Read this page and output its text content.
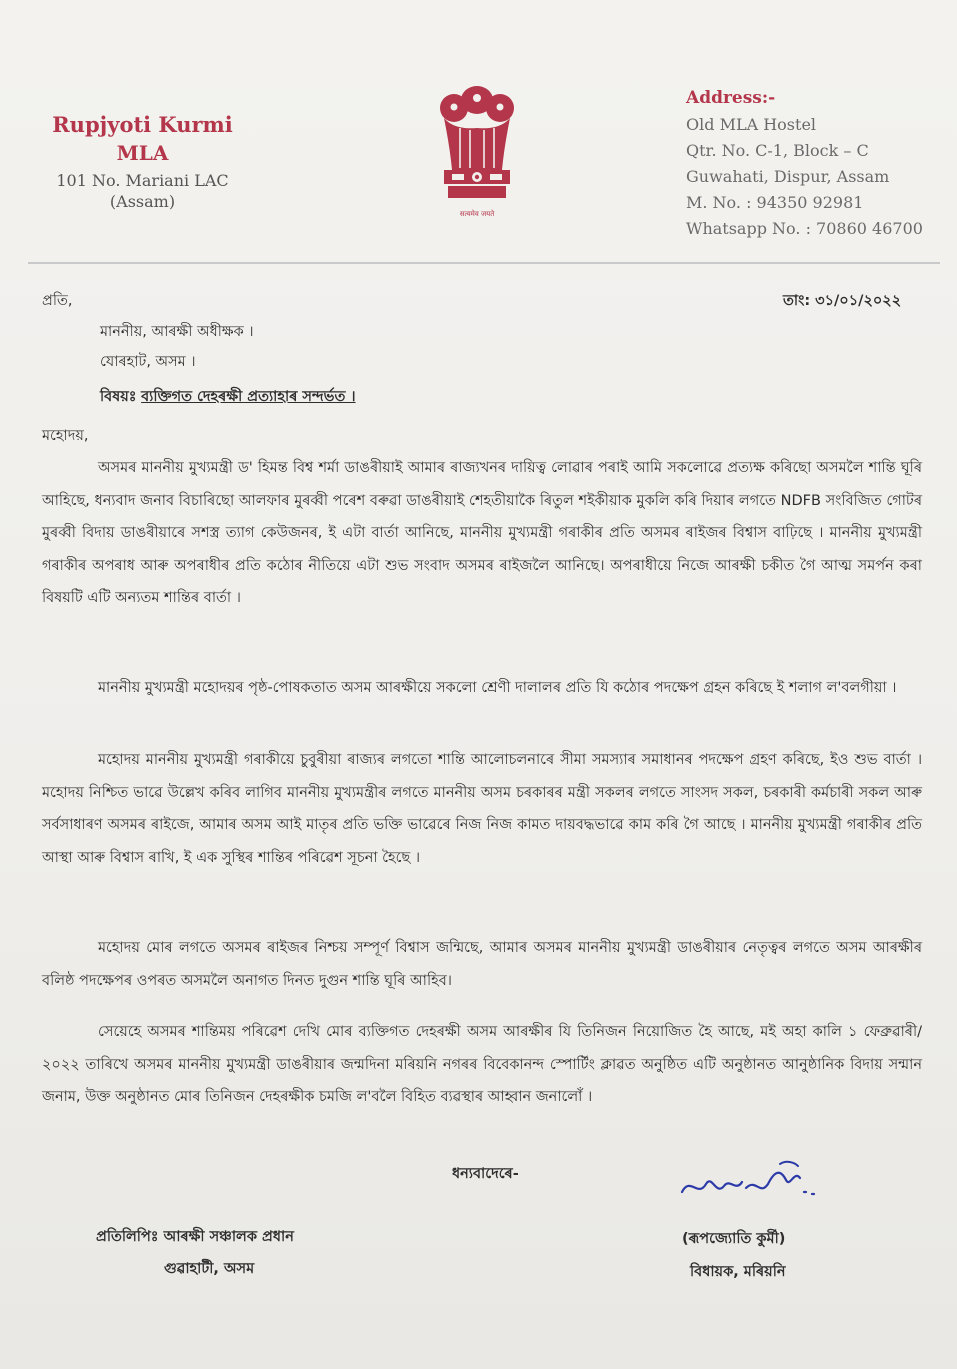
Rupjyoti Kurmi
MLA
101 No. Mariani LAC
(Assam)
सत्यमेव जयते
Address:-
Old MLA Hostel
Qtr. No. C-1, Block – C
Guwahati, Dispur, Assam
M. No. : 94350 92981
Whatsapp No. : 70860 46700
প্ৰতি,	তাং: ৩১/০১/২০২২
মাননীয়, আৰক্ষী অধীক্ষক ।
যোৰহাট, অসম ।
বিষয়ঃ ব্যক্তিগত দেহৰক্ষী প্ৰত্যাহাৰ সন্দৰ্ভত ।
মহোদয়,
অসমৰ মাননীয় মুখ্যমন্ত্ৰী ড' হিমন্ত বিশ্ব শৰ্মা ডাঙৰীয়াই আমাৰ ৰাজ্যখনৰ দায়িত্ব লোৱাৰ পৰাই আমি সকলোৱে প্ৰত্যক্ষ কৰিছো অসমলৈ শান্তি ঘূৰি আহিছে, ধন্যবাদ জনাব বিচাৰিছো আলফাৰ মুৰব্বী পৰেশ বৰুৱা ডাঙৰীয়াই শেহতীয়াকৈ ৰিতুল শইকীয়াক মুকলি কৰি দিয়াৰ লগতে NDFB সংবিজিত গোটৰ মুৰব্বী বিদায় ডাঙৰীয়াৰে সশস্ত্ৰ ত্যাগ কেউজনৰ, ই এটা বাৰ্তা আনিছে, মাননীয় মুখ্যমন্ত্ৰী গৰাকীৰ প্ৰতি অসমৰ ৰাইজৰ বিশ্বাস বাঢ়িছে । মাননীয় মুখ্যমন্ত্ৰী গৰাকীৰ অপৰাধ আৰু অপৰাধীৰ প্ৰতি কঠোৰ নীতিয়ে এটা শুভ সংবাদ অসমৰ ৰাইজলৈ আনিছে। অপৰাধীয়ে নিজে আৰক্ষী চকীত গৈ আত্ম সমৰ্পন কৰা বিষয়টি এটি অন্যতম শান্তিৰ বাৰ্তা ।
মাননীয় মুখ্যমন্ত্ৰী মহোদয়ৰ পৃষ্ঠ-পোষকতাত অসম আৰক্ষীয়ে সকলো শ্ৰেণী দালালৰ প্ৰতি যি কঠোৰ পদক্ষেপ গ্ৰহন কৰিছে ই শলাগ ল'বলগীয়া ।
মহোদয় মাননীয় মুখ্যমন্ত্ৰী গৰাকীয়ে চুবুৰীয়া ৰাজ্যৰ লগতো শান্তি আলোচলনাৰে সীমা সমস্যাৰ সমাধানৰ পদক্ষেপ গ্ৰহণ কৰিছে, ইও শুভ বাৰ্তা । মহোদয় নিশ্চিত ভাৱে উল্লেখ কৰিব লাগিব মাননীয় মুখ্যমন্ত্ৰীৰ লগতে মাননীয় অসম চৰকাৰৰ মন্ত্ৰী সকলৰ লগতে সাংসদ সকল, চৰকাৰী কৰ্মচাৰী সকল আৰু সৰ্বসাধাৰণ অসমৰ ৰাইজে, আমাৰ অসম আই মাতৃৰ প্ৰতি ভক্তি ভাৱেৰে নিজ নিজ কামত দায়বদ্ধভাৱে কাম কৰি গৈ আছে । মাননীয় মুখ্যমন্ত্ৰী গৰাকীৰ প্ৰতি আস্থা আৰু বিশ্বাস ৰাখি, ই এক সুস্থিৰ শান্তিৰ পৰিৱেশ সূচনা হৈছে ।
মহোদয় মোৰ লগতে অসমৰ ৰাইজৰ নিশ্চয় সম্পূৰ্ণ বিশ্বাস জন্মিছে, আমাৰ অসমৰ মাননীয় মুখ্যমন্ত্ৰী ডাঙৰীয়াৰ নেতৃত্বৰ লগতে অসম আৰক্ষীৰ বলিষ্ঠ পদক্ষেপৰ ওপৰত অসমলৈ অনাগত দিনত দুগুন শান্তি ঘূৰি আহিব।
সেয়েহে অসমৰ শান্তিময় পৰিৱেশ দেখি মোৰ ব্যক্তিগত দেহৰক্ষী অসম আৰক্ষীৰ যি তিনিজন নিয়োজিত হৈ আছে, মই অহা কালি ১ ফেব্ৰুৱাৰী/২০২২ তাৰিখে অসমৰ মাননীয় মুখ্যমন্ত্ৰী ডাঙৰীয়াৰ জন্মদিনা মৰিয়নি নগৰৰ বিবেকানন্দ স্পোৰ্টিং ক্লাৱত অনুষ্ঠিত এটি অনুষ্ঠানত আনুষ্ঠানিক বিদায় সন্মান জনাম, উক্ত অনুষ্ঠানত মোৰ তিনিজন দেহৰক্ষীক চমজি ল'বলৈ বিহিত ব্যৱস্থাৰ আহ্বান জনালোঁ ।
ধন্যবাদেৰে-
প্ৰতিলিপিঃ আৰক্ষী সঞ্চালক প্ৰধান
গুৱাহাটী, অসম
(ৰূপজ্যোতি কুৰ্মী)
বিধায়ক, মৰিয়নি
